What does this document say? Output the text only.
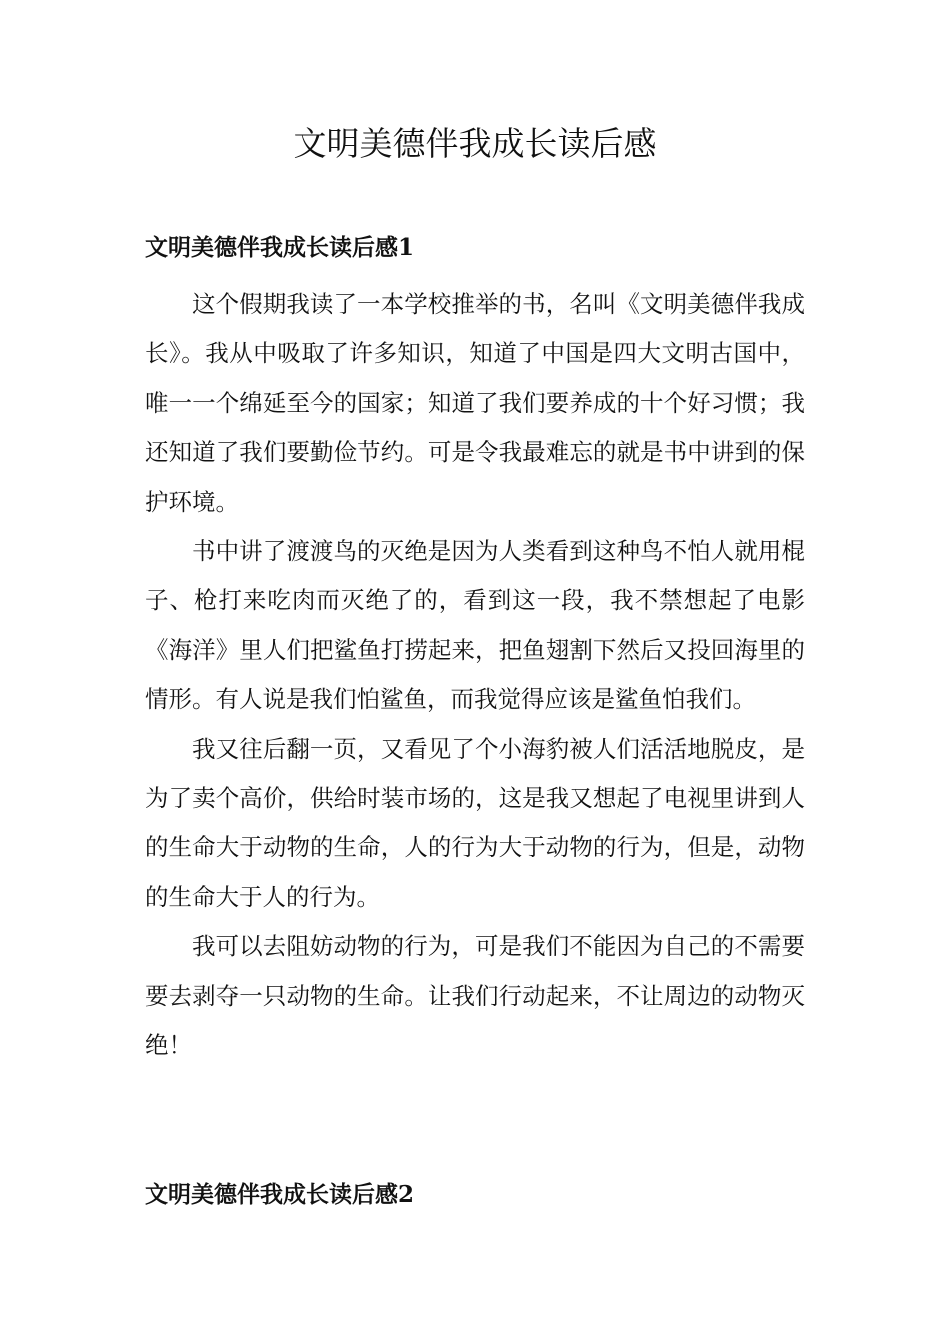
文明美德伴我成长读后感
文明美德伴我成长读后感1

这个假期我读了一本学校推举的书，名叫《文明美德伴我成长》。我从中吸取了许多知识，知道了中国是四大文明古国中，唯一一个绵延至今的国家；知道了我们要养成的十个好习惯；我还知道了我们要勤俭节约。可是令我最难忘的就是书中讲到的保护环境。

书中讲了渡渡鸟的灭绝是因为人类看到这种鸟不怕人就用棍子、枪打来吃肉而灭绝了的，看到这一段，我不禁想起了电影《海洋》里人们把鲨鱼打捞起来，把鱼翅割下然后又投回海里的情形。有人说是我们怕鲨鱼，而我觉得应该是鲨鱼怕我们。

我又往后翻一页，又看见了个小海豹被人们活活地脱皮，是为了卖个高价，供给时装市场的，这是我又想起了电视里讲到人的生命大于动物的生命，人的行为大于动物的行为，但是，动物的生命大于人的行为。

我可以去阻妨动物的行为，可是我们不能因为自己的不需要要去剥夺一只动物的生命。让我们行动起来，不让周边的动物灭绝！

文明美德伴我成长读后感2
